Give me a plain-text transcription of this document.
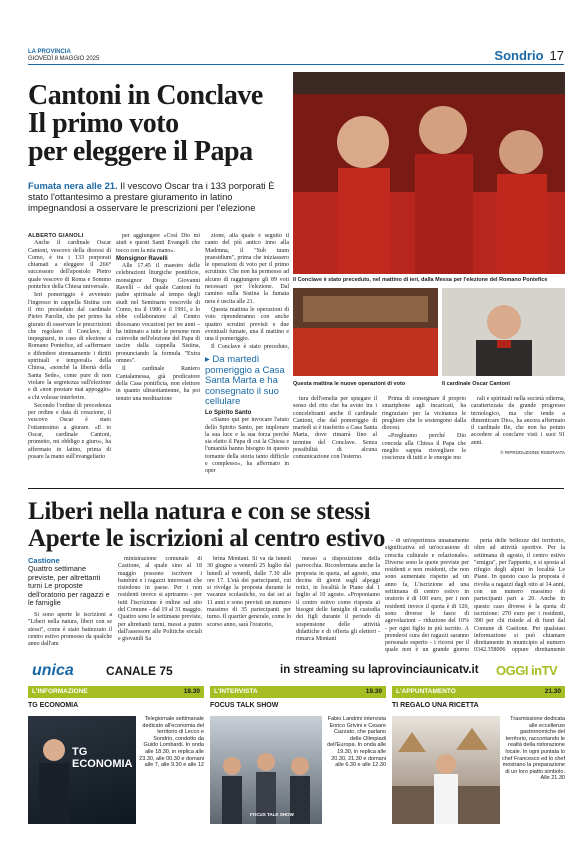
LA PROVINCIA
GIOVEDÌ 8 MAGGIO 2025	Sondrio 17
Cantoni in Conclave
Il primo voto
per eleggere il Papa
Fumata nera alle 21. Il vescovo Oscar tra i 133 porporati È stato l'ottantesimo a prestare giuramento in latino impegnandosi a osservare le prescrizioni per l'elezione
Il Conclave è stato preceduto, nel mattino di ieri, dalla Messa per l'elezione del Romano Pontefice
Questa mattina le nuove operazioni di voto	Il cardinale Oscar Cantoni
ALBERTO GIANOLI

Anche il cardinale Oscar Cantoni, vescovo della diocesi di Como, è tra i 133 porporati chiamati a eleggere il 266° successore dell'apostolo Pietro quale vescovo di Roma e Sommo pontefice della Chiesa universale.

Ieri pomeriggio è avvenuto l'ingresso in cappella Sistina con il rito presieduto dal cardinale Pietro Parolin, che per primo ha giurato di osservare le prescrizioni che regolano il Conclave, di impegnarsi, in caso di elezione a Romano Pontefice, ad «affermare e difendere strenuamente i diritti spirituali e temporali» della Chiesa, «nonché la libertà della Santa Sede», come pure di non violare la segretezza sull'elezione e di «non prestare mai appoggio» a chi volesse interferire.

Secondo l'ordine di precedenza per ordine e data di creazione, il vescovo Oscar è stato l'ottantesimo a giurare. «E io Oscar, cardinale Cantoni, prometto, mi obbligo e giuro», ha affermato in latino, prima di posare la mano sull'evangeliario

per aggiungere «Così Dio mi aiuti e questi Santi Evangeli che tocco con la mia mano».

Monsignor Ravelli

Alle 17.45 il maestro delle celebrazioni liturgiche pontificie, monsignor Diego Giovanni Ravelli – del quale Cantoni fu padre spirituale al tempo degli studi nel Seminario vescovile di Como, tra il 1986 e il 1991, e lo ebbe collaboratore al Centro diocesano vocazioni per tre anni – ha intimato a tutte le persone non coinvolte nell'elezione del Papa di uscire dalla cappella Sistina, pronunciando la formula "Extra omnes".

Il cardinale Raniero Cantalamessa, già predicatore della Casa pontificia, non elettore in quanto ultraottantenne, ha poi tenuto una meditazione

zione, alla quale è seguito il canto del più antico inno alla Madonna, il "Sub tuum praesidium", prima che iniziassero le operazioni di voto per il primo scrutinio. Che non ha permesso ad alcuno di raggiungere gli 89 voti necessari per l'elezione. Dal camino sulla Sistina la fumata nera è uscita alle 21.

Questa mattina le operazioni di voto riprenderanno con anche quattro scrutini previsti e due eventuali fumate, una il mattino e una il pomeriggio.

Il Conclave è stato preceduto,

▸ Da martedì pomeriggio a Casa Santa Marta e ha consegnato il suo cellulare
Lo Spirito Santo

«Siamo qui per invocare l'aiuto dello Spirito Santo, per implorare la sua luce e la sua forza perché sia eletto il Papa di cui la Chiesa e l'umanità hanno bisogno in questo tornante della storia tanto difficile e complesso», ha affermato in oper

tura dell'omelia per spiegare il senso del rito che ha avuto tra i concelebranti anche il cardinale Cantoni, che dal pomeriggio di martedì si è trasferito a Casa Santa Marta, dove rimarrà fino al termine del Conclave. Senza possibilità di alcuna comunicazione con l'esterno.

Prima di consegnare il proprio smartphone agli incaricati, ha ringraziato per la vicinanza le preghiere che lo sostengono dalla diocesi.

«Preghiamo perché Dio conceda alla Chiesa il Papa che meglio sappia risvegliare le coscienze di tutti e le energie mo

rali e spirituali nella società odierna, caratterizzata da grande progresso tecnologico, ma che tende a dimenticare Dio», ha ancora affermato il cardinale Re, che non ha potuto accedere al conclave visti i suoi 91 anni.

© RIPRODUZIONE RISERVATA
Liberi nella natura e con se stessi
Aperte le iscrizioni al centro estivo
Castione
Quattro settimane previste, per altrettanti turni Le proposte dell'oratorio per ragazzi e le famiglie

Si sono aperte le iscrizioni a "Liberi nella natura, liberi con se stessi", come è stato battezzato il centro estivo promosso da qualche anno dall'am

ministrazione comunale di Castione, al quale sino al 18 maggio possono iscrivere i bambini e i ragazzi interessati che risiedono in paese. Per i non residenti invece si apriranno - per tutti l'iscrizione è online sul sito del Comune - dal 19 al 31 maggio. Quattro sono le settimane previste, per altrettanti turni, messi a punto dall'assessore alle Politiche sociali e giovanili Sa

brina Montani. Si va da lunedì 30 giugno a venerdì 25 luglio dal lunedì al venerdì, dalle 7.30 alle ore 17. L'età dei partecipanti, cui si rivolge la proposta durante le vacanze scolastiche, va dai sei ai 11 anni e sono previsti un numero massimo di 35 partecipanti per turno. Il quartier generale, come lo scorso anno, sarà l'oratorio,

messo a disposizione della parrocchia. Riconfermata anche la proposta in quota, ad agosto, una decina di giorni sugli alpeggi retici, in località le Piane dal 1 luglio al 10 agosto. «Proponiamo il centro estivo come risposta ai bisogni delle famiglie di custodia dei figli durante il periodo di sospensione delle attività didattiche e di offerta gli elettori - rimarca Montani

- di un'esperienza umanamente significativa ed un'occasione di crescita culturale e relazionale». Diverse sono le quote previste per residenti e non residenti, che non sono aumentate rispetto ad un anno fa, L'iscrizione ad una settimana di centro estivo in oratorio è di 100 euro, per i non residenti invece il quota è di 120, sono diverse le fasce di agevolazioni – riduzione del 10% - per ogni figlio in più iscritto. A prendersi cura dei ragazzi saranno personale esperto - i ricorsi per il quale non è un grande giorno

perta delle bellezze del territorio, oltre ad attività sportive. Per la settimana di agosto, il centro estivo "emigra", per l'appunto, e si sposta al rifugio degli alpini in località Le Piane. In questo caso la proposta è rivolta a ragazzi dagli otto ai 14 anni, con un numero massimo di partecipanti pari a 20. Anche in questo caso diverse è la quota di iscrizione: 270 euro per i residenti, 390 per chi risiede al di fuori dal Comune di Castione. Per qualsiasi informazione si può chiamare direttamente in municipio al numero 0342.358006 oppure direttamente

unica	CANALE 75	in streaming su laprovinciaunicatv.it OGGI inTV
18.30
L'INFORMAZIONE
TG ECONOMIA
TG ECONOMIA
Telegiornale settimanale dedicato all'economia del territorio di Lecco e Sondrio, condotto da Guido Lombardi. In onda alle 18.30, in replica alle 23.30, alle 00.30 e domani alle 7, alle 9.30 e alle 12
19.30
L'INTERVISTA
FOCUS TALK SHOW
FOCUS TALK SHOW
Fabio Landrini intervista Enrico Grivini e Cesare Cazzato, che parlano delle Olimpiadi dell'Europa. In onda alle 19.30, in replica alle 20.30, 21.30 e domani alle 6.30 e alle 12.30
21.30
L'APPUNTAMENTO
TI REGALO UNA RICETTA
Trasmissione dedicata alle eccellenze gastronomiche del territorio, raccontando le realtà della ristorazione locale. In ogni puntata lo chef Francesco ed lo chef mostrano la preparazione di un loro piatto simbolo. Alle 21.30
